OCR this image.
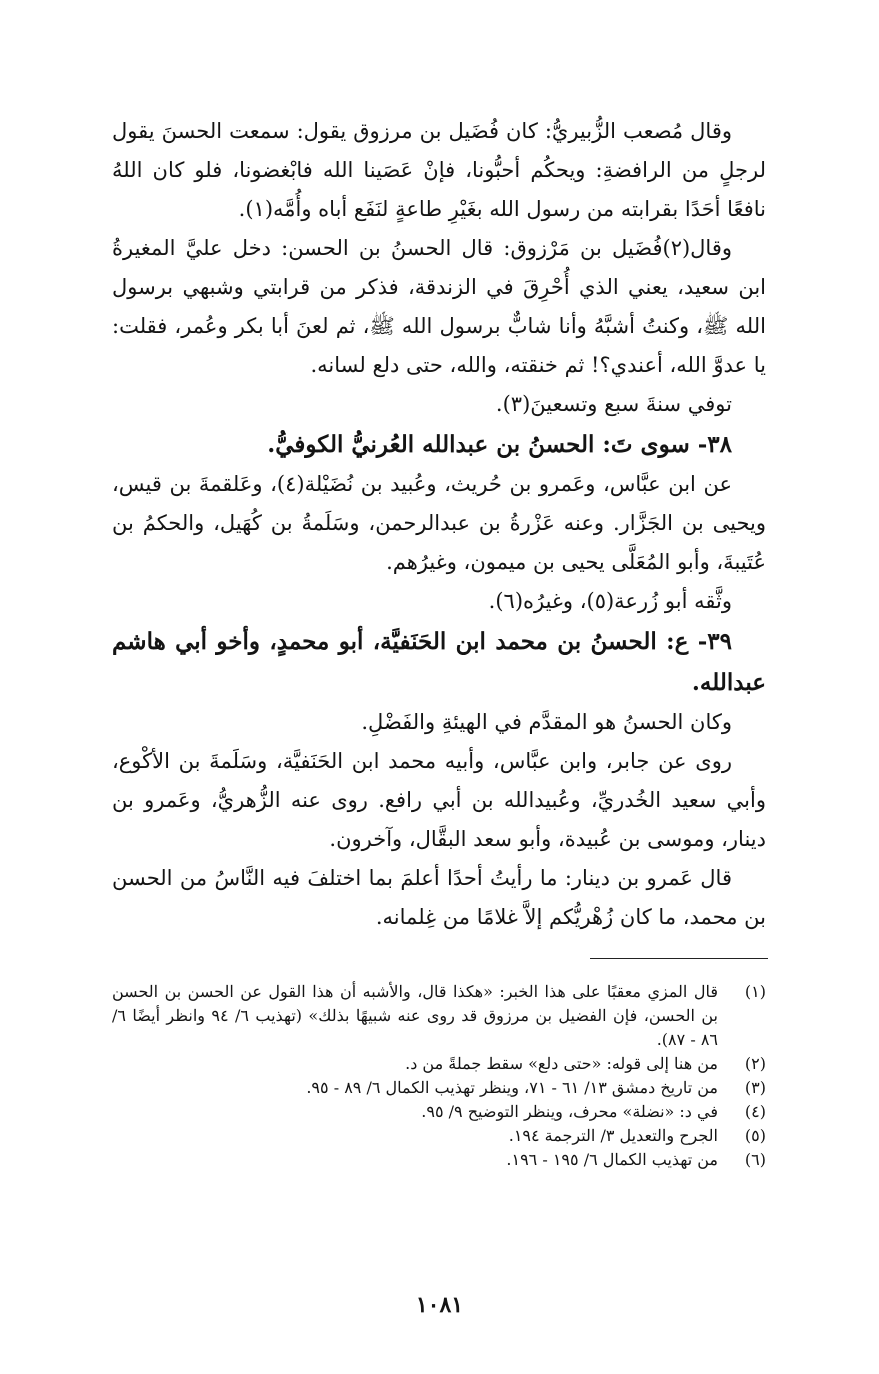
وقال مُصعب الزُّبيريُّ: كان فُضَيل بن مرزوق يقول: سمعت الحسنَ يقول لرجلٍ من الرافضةِ: ويحكُم أحبُّونا، فإنْ عَصَينا الله فابْغضونا، فلو كان اللهُ نافعًا أحَدًا بقرابته من رسول الله بغَيْرِ طاعةٍ لنَفَع أباه وأُمَّه(١).

وقال(٢)فُضَيل بن مَرْزوق: قال الحسنُ بن الحسن: دخل عليَّ المغيرةُ ابن سعيد، يعني الذي أُحْرِقَ في الزندقة، فذكر من قرابتي وشبهي برسول الله ﷺ، وكنتُ أشبَّهُ وأنا شابٌّ برسول الله ﷺ، ثم لعنَ أبا بكر وعُمر، فقلت: يا عدوَّ الله، أعندي؟! ثم خنقته، والله، حتى دلع لسانه.

توفي سنةَ سبع وتسعينَ(٣).

٣٨- سوى تَ: الحسنُ بن عبدالله العُرنيُّ الكوفيُّ.

عن ابن عبَّاس، وعَمرو بن حُريث، وعُبيد بن نُضَيْلة(٤)، وعَلقمةَ بن قيس، ويحيى بن الجَزَّار. وعنه عَزْرةُ بن عبدالرحمن، وسَلَمةُ بن كُهَيل، والحكمُ بن عُتَيبةَ، وأبو المُعَلَّى يحيى بن ميمون، وغيرُهم.

وثَّقه أبو زُرعة(٥)، وغيرُه(٦).

٣٩- ع: الحسنُ بن محمد ابن الحَنَفيَّة، أبو محمدٍ، وأخو أبي هاشم عبدالله.

وكان الحسنُ هو المقدَّم في الهيئةِ والفَضْلِ.

روى عن جابر، وابن عبَّاس، وأبيه محمد ابن الحَنَفيَّة، وسَلَمةَ بن الأكْوع، وأبي سعيد الخُدريِّ، وعُبيدالله بن أبي رافع. روى عنه الزُّهريُّ، وعَمرو بن دينار، وموسى بن عُبيدة، وأبو سعد البقَّال، وآخرون.

قال عَمرو بن دينار: ما رأيتُ أحدًا أعلمَ بما اختلفَ فيه النَّاسُ من الحسن بن محمد، ما كان زُهْريُّكم إلاَّ غلامًا من غِلمانه.

(١)
قال المزي معقبًا على هذا الخبر: «هكذا قال، والأشبه أن هذا القول عن الحسن بن الحسن بن الحسن، فإن الفضيل بن مرزوق قد روى عنه شبيهًا بذلك» (تهذيب ٦/ ٩٤ وانظر أيضًا ٦/ ٨٦ - ٨٧).
(٢)
من هنا إلى قوله: «حتى دلع» سقط جملةً من د.
(٣)
من تاريخ دمشق ١٣/ ٦١ - ٧١، وينظر تهذيب الكمال ٦/ ٨٩ - ٩٥.
(٤)
في د: «نضلة» محرف، وينظر التوضيح ٩/ ٩٥.
(٥)
الجرح والتعديل ٣/ الترجمة ١٩٤.
(٦)
من تهذيب الكمال ٦/ ١٩٥ - ١٩٦.
١٠٨١
